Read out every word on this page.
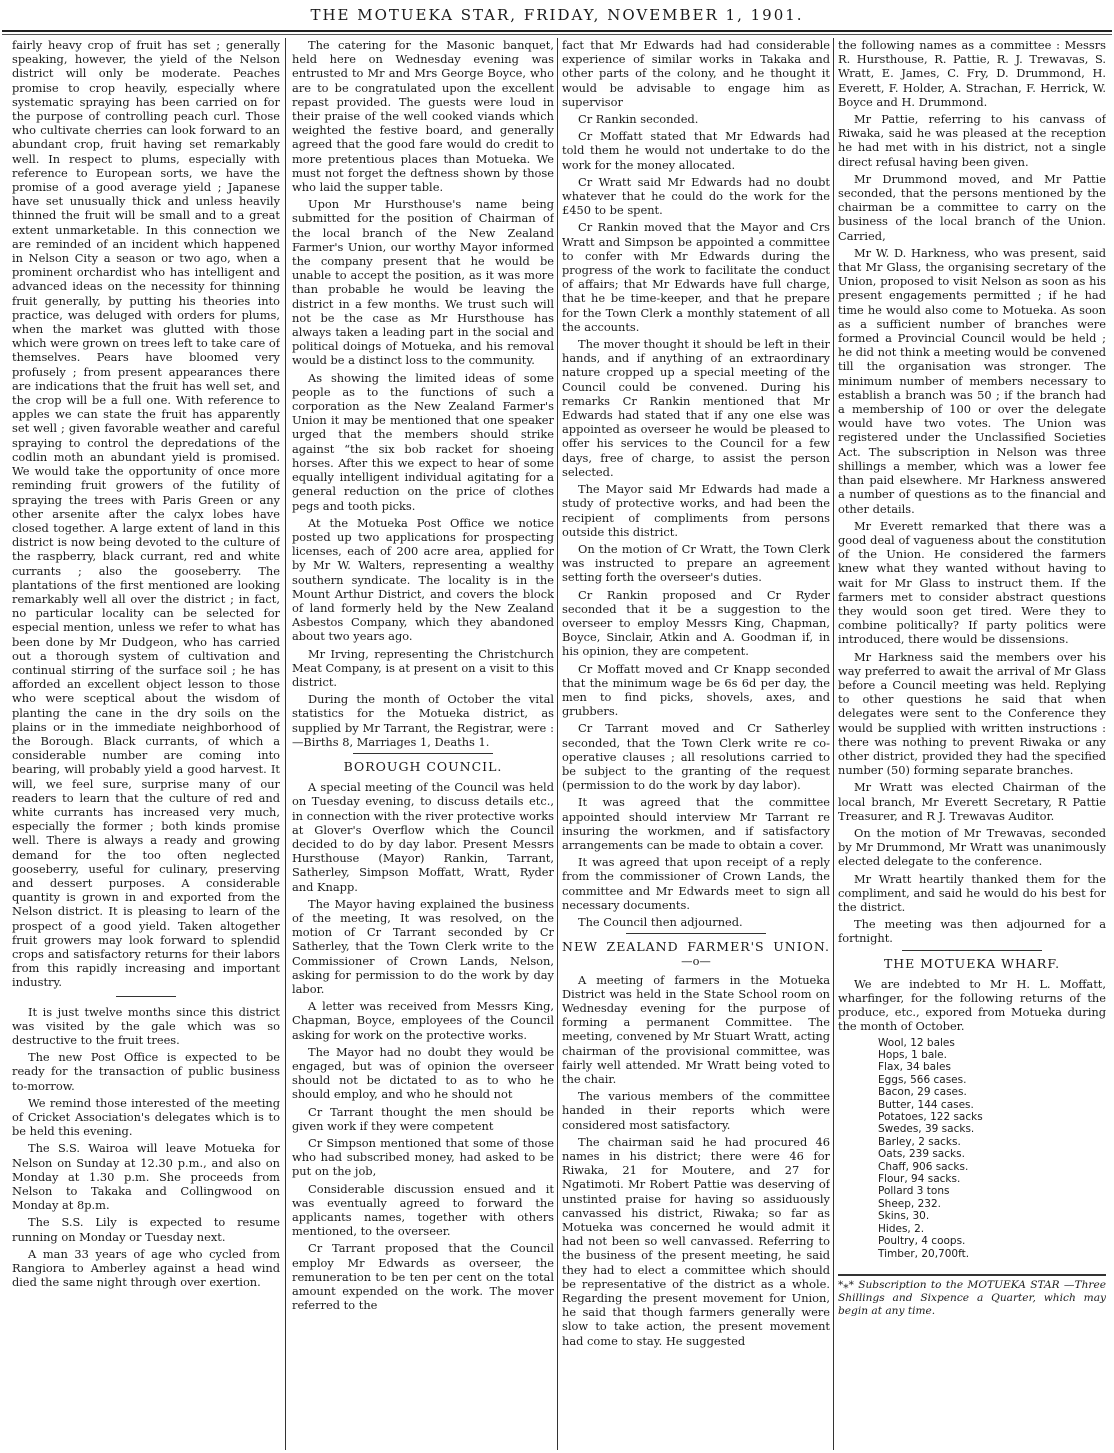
THE MOTUEKA STAR, FRIDAY, NOVEMBER 1, 1901.

fairly heavy crop of fruit has set ; generally speaking, however, the yield of the Nelson district will only be moderate. Peaches promise to crop heavily, especially where systematic spraying has been carried on for the purpose of controlling peach curl. Those who cultivate cherries can look forward to an abundant crop, fruit having set remarkably well. In respect to plums, especially with reference to European sorts, we have the promise of a good average yield ; Japanese have set unusually thick and unless heavily thinned the fruit will be small and to a great extent unmarketable. In this connection we are reminded of an incident which happened in Nelson City a season or two ago, when a prominent orchardist who has intelligent and advanced ideas on the necessity for thinning fruit generally, by putting his theories into practice, was deluged with orders for plums, when the market was glutted with those which were grown on trees left to take care of themselves. Pears have bloomed very profusely ; from present appearances there are indications that the fruit has well set, and the crop will be a full one. With reference to apples we can state the fruit has apparently set well ; given favorable weather and careful spraying to control the depredations of the codlin moth an abundant yield is promised. We would take the opportunity of once more reminding fruit growers of the futility of spraying the trees with Paris Green or any other arsenite after the calyx lobes have closed together. A large extent of land in this district is now being devoted to the culture of the raspberry, black currant, red and white currants ; also the gooseberry. The plantations of the first mentioned are looking remarkably well all over the district ; in fact, no particular locality can be selected for especial mention, unless we refer to what has been done by Mr Dudgeon, who has carried out a thorough system of cultivation and continual stirring of the surface soil ; he has afforded an excellent object lesson to those who were sceptical about the wisdom of planting the cane in the dry soils on the plains or in the immediate neighborhood of the Borough. Black currants, of which a considerable number are coming into bearing, will probably yield a good harvest. It will, we feel sure, surprise many of our readers to learn that the culture of red and white currants has increased very much, especially the former ; both kinds promise well. There is always a ready and growing demand for the too often neglected gooseberry, useful for culinary, preserving and dessert purposes. A considerable quantity is grown in and exported from the Nelson district. It is pleasing to learn of the prospect of a good yield. Taken altogether fruit growers may look forward to splendid crops and satisfactory returns for their labors from this rapidly increasing and important industry.

It is just twelve months since this district was visited by the gale which was so destructive to the fruit trees.

The new Post Office is expected to be ready for the transaction of public business to-morrow.

We remind those interested of the meeting of Cricket Association's delegates which is to be held this evening.

The S.S. Wairoa will leave Motueka for Nelson on Sunday at 12.30 p.m., and also on Monday at 1.30 p.m. She proceeds from Nelson to Takaka and Collingwood on Monday at 8p.m.

The S.S. Lily is expected to resume running on Monday or Tuesday next.

A man 33 years of age who cycled from Rangiora to Amberley against a head wind died the same night through over exertion.

The catering for the Masonic banquet, held here on Wednesday evening was entrusted to Mr and Mrs George Boyce, who are to be congratulated upon the excellent repast provided. The guests were loud in their praise of the well cooked viands which weighted the festive board, and generally agreed that the good fare would do credit to more pretentious places than Motueka. We must not forget the deftness shown by those who laid the supper table.

Upon Mr Hursthouse's name being submitted for the position of Chairman of the local branch of the New Zealand Farmer's Union, our worthy Mayor informed the company present that he would be unable to accept the position, as it was more than probable he would be leaving the district in a few months. We trust such will not be the case as Mr Hursthouse has always taken a leading part in the social and political doings of Motueka, and his removal would be a distinct loss to the community.

As showing the limited ideas of some people as to the functions of such a corporation as the New Zealand Farmer's Union it may be mentioned that one speaker urged that the members should strike against “the six bob racket for shoeing horses. After this we expect to hear of some equally intelligent individual agitating for a general reduction on the price of clothes pegs and tooth picks.

At the Motueka Post Office we notice posted up two applications for prospecting licenses, each of 200 acre area, applied for by Mr W. Walters, representing a wealthy southern syndicate. The locality is in the Mount Arthur District, and covers the block of land formerly held by the New Zealand Asbestos Company, which they abandoned about two years ago.

Mr Irving, representing the Christchurch Meat Company, is at present on a visit to this district.

During the month of October the vital statistics for the Motueka district, as supplied by Mr Tarrant, the Registrar, were :—Births 8, Marriages 1, Deaths 1.

BOROUGH COUNCIL.

A special meeting of the Council was held on Tuesday evening, to discuss details etc., in connection with the river protective works at Glover's Overflow which the Council decided to do by day labor. Present Messrs Hursthouse (Mayor) Rankin, Tarrant, Satherley, Simpson Moffatt, Wratt, Ryder and Knapp.

The Mayor having explained the business of the meeting, It was resolved, on the motion of Cr Tarrant seconded by Cr Satherley, that the Town Clerk write to the Commissioner of Crown Lands, Nelson, asking for permission to do the work by day labor.

A letter was received from Messrs King, Chapman, Boyce, employees of the Council asking for work on the protective works.

The Mayor had no doubt they would be engaged, but was of opinion the overseer should not be dictated to as to who he should employ, and who he should not

Cr Tarrant thought the men should be given work if they were competent

Cr Simpson mentioned that some of those who had subscribed money, had asked to be put on the job,

Considerable discussion ensued and it was eventually agreed to forward the applicants names, together with others mentioned, to the overseer.

Cr Tarrant proposed that the Council employ Mr Edwards as overseer, the remuneration to be ten per cent on the total amount expended on the work. The mover referred to the

fact that Mr Edwards had had considerable experience of similar works in Takaka and other parts of the colony, and he thought it would be advisable to engage him as supervisor

Cr Rankin seconded.

Cr Moffatt stated that Mr Edwards had told them he would not undertake to do the work for the money allocated.

Cr Wratt said Mr Edwards had no doubt whatever that he could do the work for the £450 to be spent.

Cr Rankin moved that the Mayor and Crs Wratt and Simpson be appointed a committee to confer with Mr Edwards during the progress of the work to facilitate the conduct of affairs; that Mr Edwards have full charge, that he be time-keeper, and that he prepare for the Town Clerk a monthly statement of all the accounts.

The mover thought it should be left in their hands, and if anything of an extraordinary nature cropped up a special meeting of the Council could be convened. During his remarks Cr Rankin mentioned that Mr Edwards had stated that if any one else was appointed as overseer he would be pleased to offer his services to the Council for a few days, free of charge, to assist the person selected.

The Mayor said Mr Edwards had made a study of protective works, and had been the recipient of compliments from persons outside this district.

On the motion of Cr Wratt, the Town Clerk was instructed to prepare an agreement setting forth the overseer's duties.

Cr Rankin proposed and Cr Ryder seconded that it be a suggestion to the overseer to employ Messrs King, Chapman, Boyce, Sinclair, Atkin and A. Goodman if, in his opinion, they are competent.

Cr Moffatt moved and Cr Knapp seconded that the minimum wage be 6s 6d per day, the men to find picks, shovels, axes, and grubbers.

Cr Tarrant moved and Cr Satherley seconded, that the Town Clerk write re co-operative clauses ; all resolutions carried to be subject to the granting of the request (permission to do the work by day labor).

It was agreed that the committee appointed should interview Mr Tarrant re insuring the workmen, and if satisfactory arrangements can be made to obtain a cover.

It was agreed that upon receipt of a reply from the commissioner of Crown Lands, the committee and Mr Edwards meet to sign all necessary documents.

The Council then adjourned.

NEW ZEALAND FARMER'S UNION.

—o—

A meeting of farmers in the Motueka District was held in the State School room on Wednesday evening for the purpose of forming a permanent Committee. The meeting, convened by Mr Stuart Wratt, acting chairman of the provisional committee, was fairly well attended. Mr Wratt being voted to the chair.

The various members of the committee handed in their reports which were considered most satisfactory.

The chairman said he had procured 46 names in his district; there were 46 for Riwaka, 21 for Moutere, and 27 for Ngatimoti. Mr Robert Pattie was deserving of unstinted praise for having so assiduously canvassed his district, Riwaka; so far as Motueka was concerned he would admit it had not been so well canvassed. Referring to the business of the present meeting, he said they had to elect a committee which should be representative of the district as a whole. Regarding the present movement for Union, he said that though farmers generally were slow to take action, the present movement had come to stay. He suggested

the following names as a committee : Messrs R. Hursthouse, R. Pattie, R. J. Trewavas, S. Wratt, E. James, C. Fry, D. Drummond, H. Everett, F. Holder, A. Strachan, F. Herrick, W. Boyce and H. Drummond.

Mr Pattie, referring to his canvass of Riwaka, said he was pleased at the reception he had met with in his district, not a single direct refusal having been given.

Mr Drummond moved, and Mr Pattie seconded, that the persons mentioned by the chairman be a committee to carry on the business of the local branch of the Union. Carried,

Mr W. D. Harkness, who was present, said that Mr Glass, the organising secretary of the Union, proposed to visit Nelson as soon as his present engagements permitted ; if he had time he would also come to Motueka. As soon as a sufficient number of branches were formed a Provincial Council would be held ; he did not think a meeting would be convened till the organisation was stronger. The minimum number of members necessary to establish a branch was 50 ; if the branch had a membership of 100 or over the delegate would have two votes. The Union was registered under the Unclassified Societies Act. The subscription in Nelson was three shillings a member, which was a lower fee than paid elsewhere. Mr Harkness answered a number of questions as to the financial and other details.

Mr Everett remarked that there was a good deal of vagueness about the constitution of the Union. He considered the farmers knew what they wanted without having to wait for Mr Glass to instruct them. If the farmers met to consider abstract questions they would soon get tired. Were they to combine politically? If party politics were introduced, there would be dissensions.

Mr Harkness said the members over his way preferred to await the arrival of Mr Glass before a Council meeting was held. Replying to other questions he said that when delegates were sent to the Conference they would be supplied with written instructions : there was nothing to prevent Riwaka or any other district, provided they had the specified number (50) forming separate branches.

Mr Wratt was elected Chairman of the local branch, Mr Everett Secretary, R Pattie Treasurer, and R J. Trewavas Auditor.

On the motion of Mr Trewavas, seconded by Mr Drummond, Mr Wratt was unanimously elected delegate to the conference.

Mr Wratt heartily thanked them for the compliment, and said he would do his best for the district.

The meeting was then adjourned for a fortnight.

THE MOTUEKA WHARF.

We are indebted to Mr H. L. Moffatt, wharfinger, for the following returns of the produce, etc., expored from Motueka during the month of October.

Wool, 12 bales
Hops, 1 bale.
Flax, 34 bales
Eggs, 566 cases.
Bacon, 29 cases.
Butter, 144 cases.
Potatoes, 122 sacks
Swedes, 39 sacks.
Barley, 2 sacks.
Oats, 239 sacks.
Chaff, 906 sacks.
Flour, 94 sacks.
Pollard 3 tons
Sheep, 232.
Skins, 30.
Hides, 2.
Poultry, 4 coops.
Timber, 20,700ft.
*⁎* Subscription to the MOTUEKA STAR —Three Shillings and Sixpence a Quarter, which may begin at any time.
